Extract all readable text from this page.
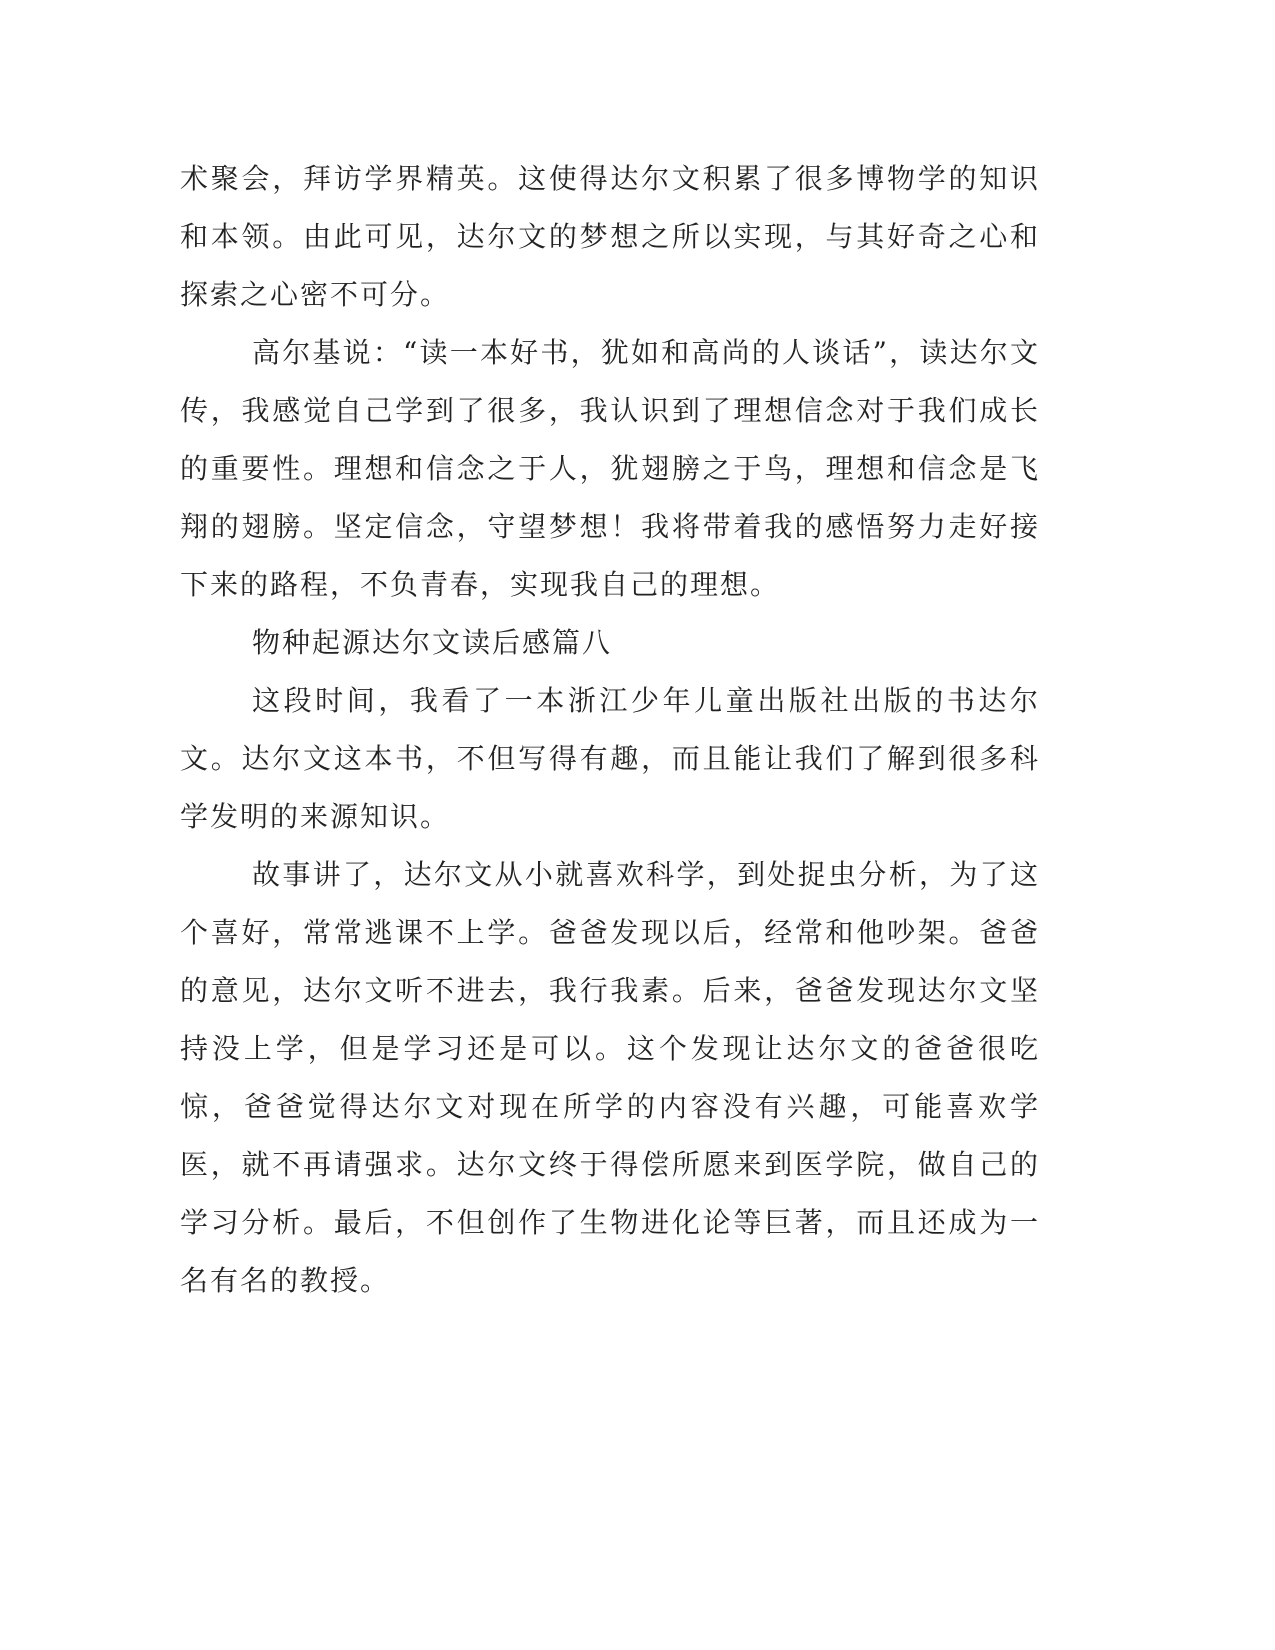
术聚会，拜访学界精英。这使得达尔文积累了很多博物学的知识和本领。由此可见，达尔文的梦想之所以实现，与其好奇之心和探索之心密不可分。

高尔基说：“读一本好书，犹如和高尚的人谈话”，读达尔文传，我感觉自己学到了很多，我认识到了理想信念对于我们成长的重要性。理想和信念之于人，犹翅膀之于鸟，理想和信念是飞翔的翅膀。坚定信念，守望梦想！我将带着我的感悟努力走好接下来的路程，不负青春，实现我自己的理想。

物种起源达尔文读后感篇八

这段时间，我看了一本浙江少年儿童出版社出版的书达尔文。达尔文这本书，不但写得有趣，而且能让我们了解到很多科学发明的来源知识。

故事讲了，达尔文从小就喜欢科学，到处捉虫分析，为了这个喜好，常常逃课不上学。爸爸发现以后，经常和他吵架。爸爸的意见，达尔文听不进去，我行我素。后来，爸爸发现达尔文坚持没上学，但是学习还是可以。这个发现让达尔文的爸爸很吃惊，爸爸觉得达尔文对现在所学的内容没有兴趣，可能喜欢学医，就不再请强求。达尔文终于得偿所愿来到医学院，做自己的学习分析。最后，不但创作了生物进化论等巨著，而且还成为一名有名的教授。
